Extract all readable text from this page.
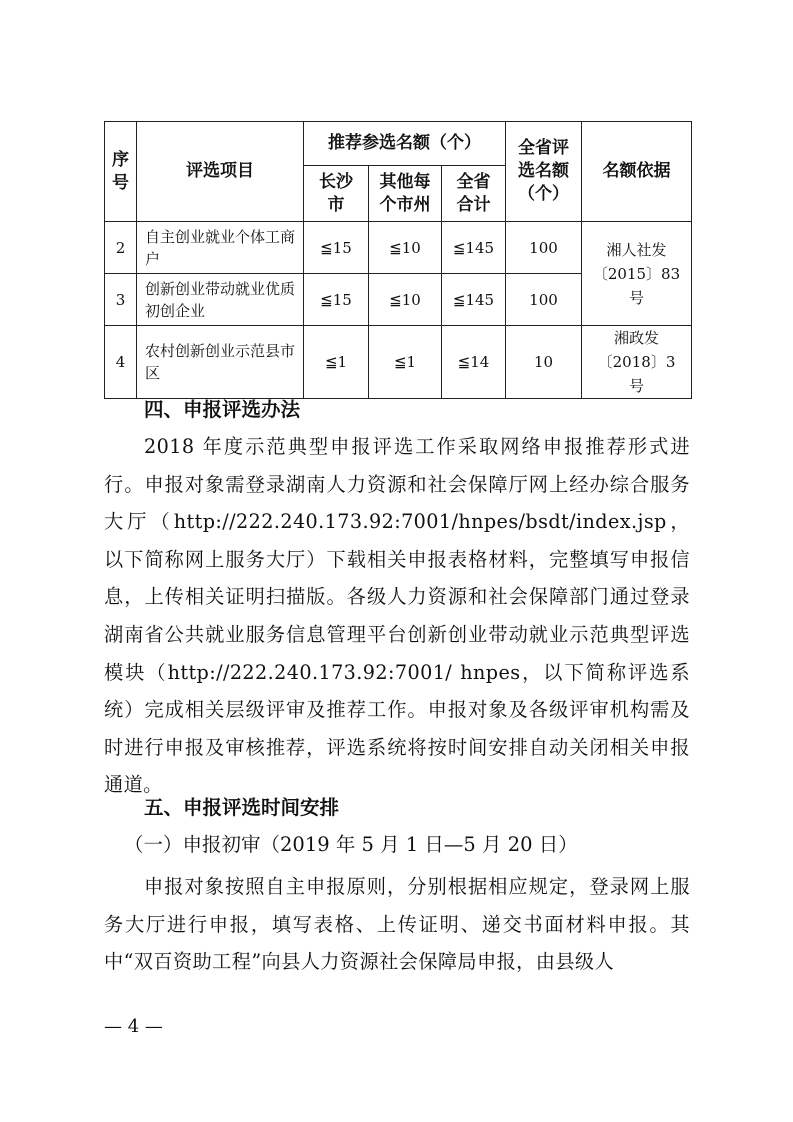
序号	评选项目	推荐参选名额（个）			全省评选名额（个）	名额依据
		长沙市	其他每个市州	全省合计		
2	自主创业就业个体工商户	≦15	≦10	≦145	100	湘人社发〔2015〕83号
3	创新创业带动就业优质初创企业	≦15	≦10	≦145	100	
4	农村创新创业示范县市区	≦1	≦1	≦14	10	湘政发〔2018〕3号
四、申报评选办法
2018 年度示范典型申报评选工作采取网络申报推荐形式进行。申报对象需登录湖南人力资源和社会保障厅网上经办综合服务大厅（http://222.240.173.92:7001/hnpes/bsdt/index.jsp，以下简称网上服务大厅）下载相关申报表格材料，完整填写申报信息，上传相关证明扫描版。各级人力资源和社会保障部门通过登录湖南省公共就业服务信息管理平台创新创业带动就业示范典型评选模块（http://222.240.173.92:7001/ hnpes，以下简称评选系统）完成相关层级评审及推荐工作。申报对象及各级评审机构需及时进行申报及审核推荐，评选系统将按时间安排自动关闭相关申报通道。
五、申报评选时间安排
（一）申报初审（2019 年 5 月 1 日—5 月 20 日）
申报对象按照自主申报原则，分别根据相应规定，登录网上服务大厅进行申报，填写表格、上传证明、递交书面材料申报。其中“双百资助工程”向县人力资源社会保障局申报，由县级人
— 4 —
